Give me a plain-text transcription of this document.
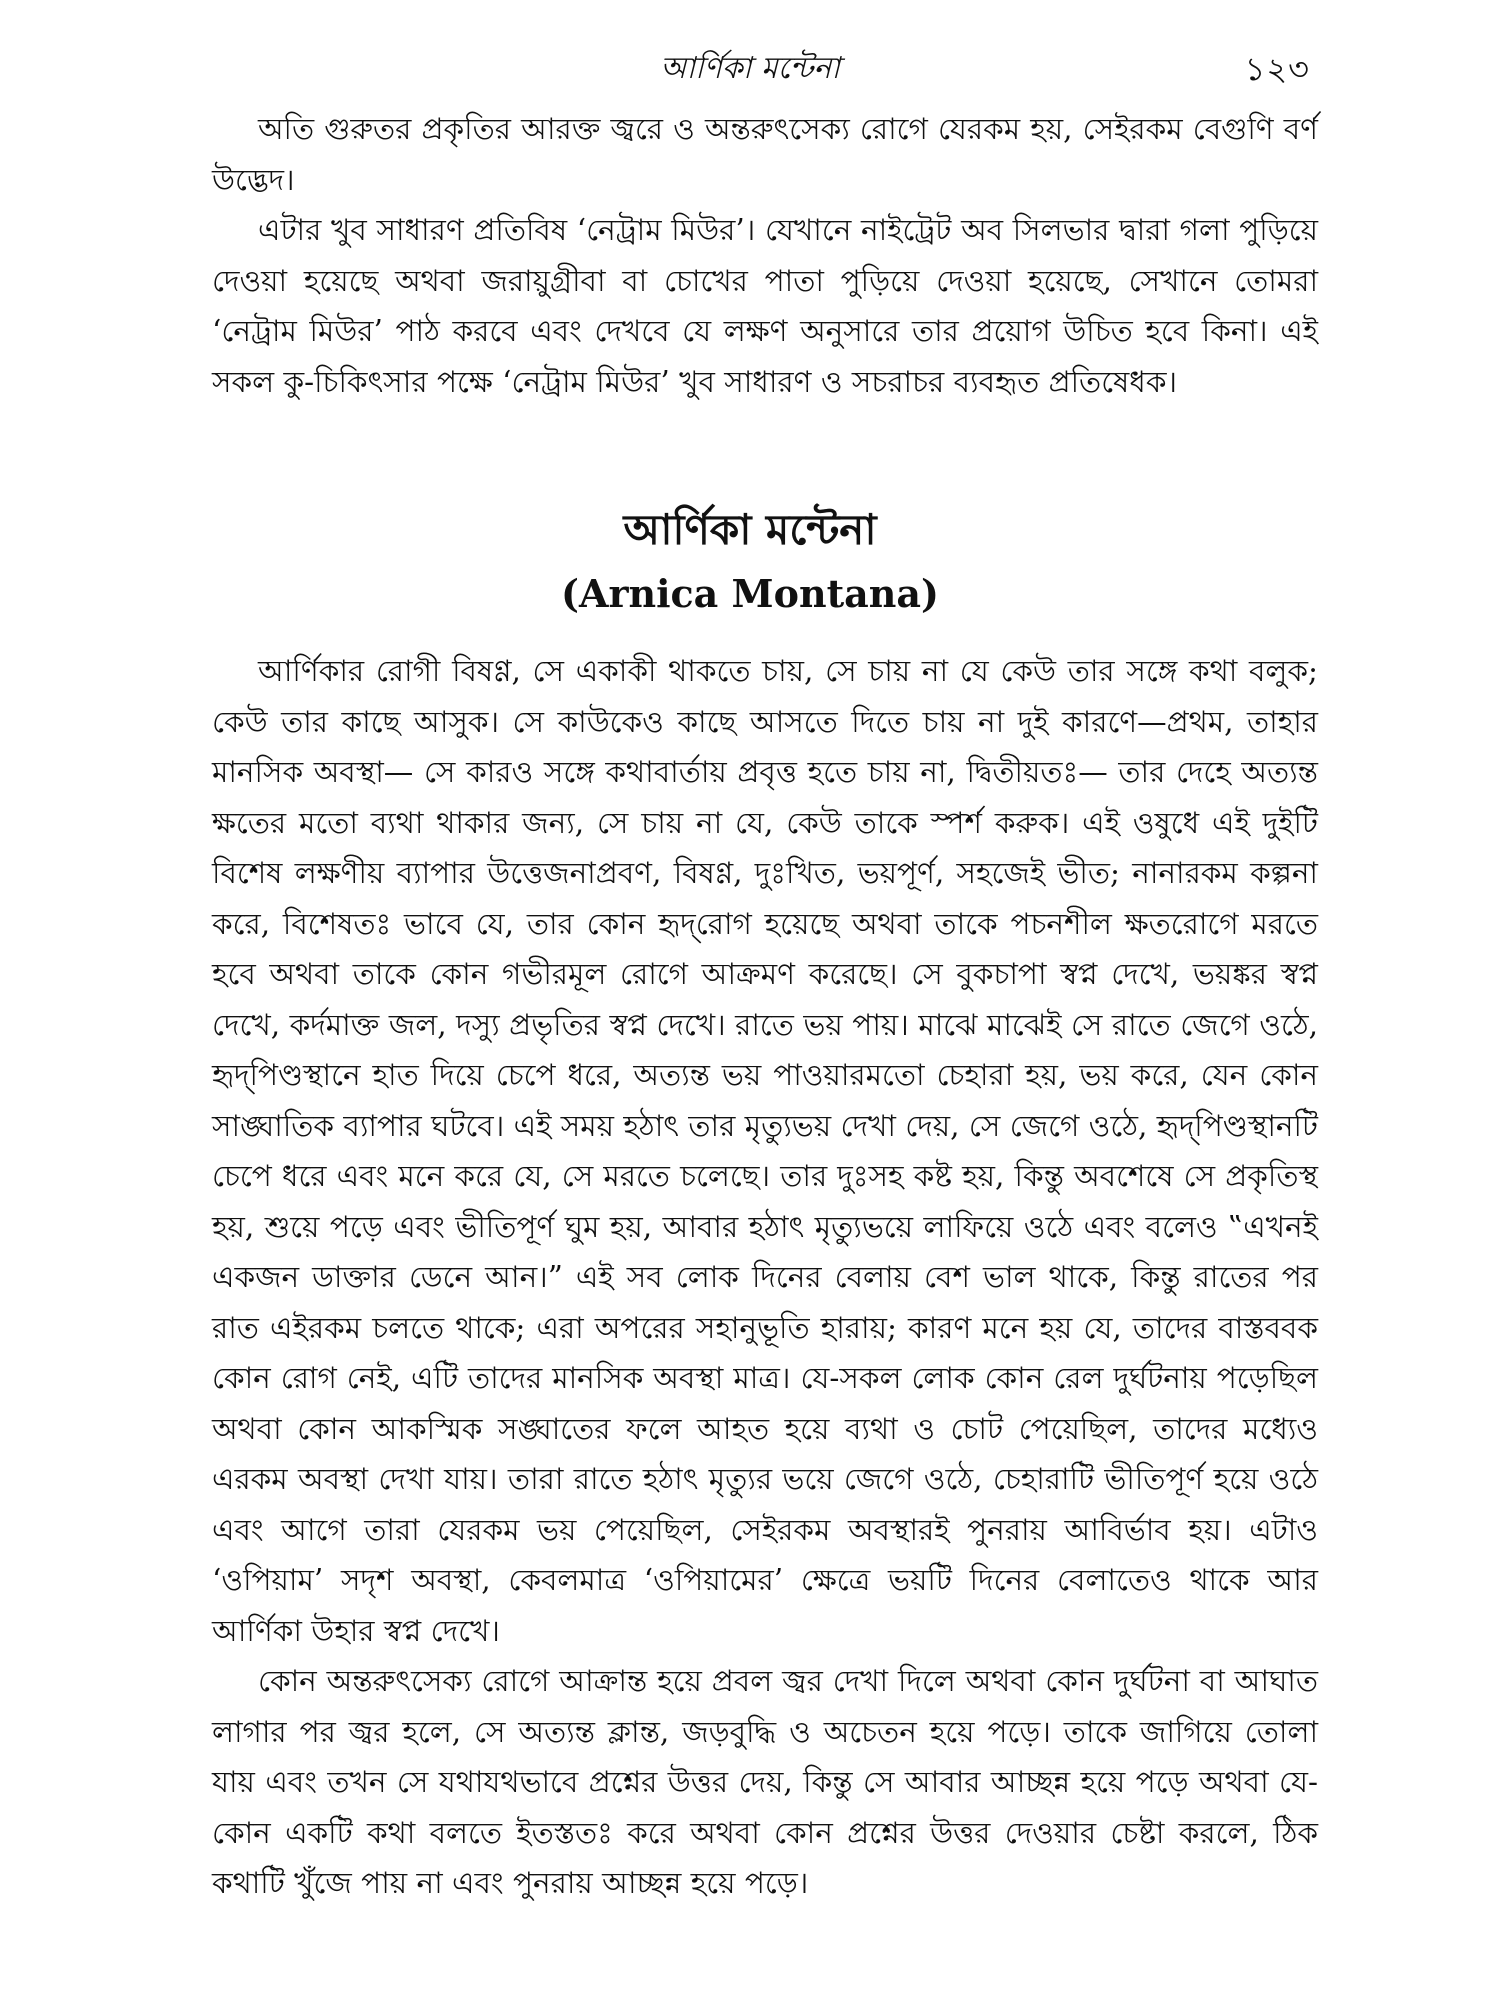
আর্ণিকা মন্টেনা	১২৩

অতি গুরুতর প্রকৃতির আরক্ত জ্বরে ও অন্তরুৎসেক্য রোগে যেরকম হয়, সেইরকম বেগুণি বর্ণ উদ্ভেদ।

এটার খুব সাধারণ প্রতিবিষ ‘নেট্রাম মিউর’। যেখানে নাইট্রেট অব সিলভার দ্বারা গলা পুড়িয়ে দেওয়া হয়েছে অথবা জরায়ুগ্রীবা বা চোখের পাতা পুড়িয়ে দেওয়া হয়েছে, সেখানে তোমরা ‘নেট্রাম মিউর’ পাঠ করবে এবং দেখবে যে লক্ষণ অনুসারে তার প্রয়োগ উচিত হবে কিনা। এই সকল কু-চিকিৎসার পক্ষে ‘নেট্রাম মিউর’ খুব সাধারণ ও সচরাচর ব্যবহৃত প্রতিষেধক।

আর্ণিকা মন্টেনা
(Arnica Montana)

আর্ণিকার রোগী বিষণ্ণ, সে একাকী থাকতে চায়, সে চায় না যে কেউ তার সঙ্গে কথা বলুক; কেউ তার কাছে আসুক। সে কাউকেও কাছে আসতে দিতে চায় না দুই কারণে—প্রথম, তাহার মানসিক অবস্থা— সে কারও সঙ্গে কথাবার্তায় প্রবৃত্ত হতে চায় না, দ্বিতীয়তঃ— তার দেহে অত্যন্ত ক্ষতের মতো ব্যথা থাকার জন্য, সে চায় না যে, কেউ তাকে স্পর্শ করুক। এই ওষুধে এই দুইটি বিশেষ লক্ষণীয় ব্যাপার উত্তেজনাপ্রবণ, বিষণ্ণ, দুঃখিত, ভয়পূর্ণ, সহজেই ভীত; নানারকম কল্পনা করে, বিশেষতঃ ভাবে যে, তার কোন হৃদ্‌রোগ হয়েছে অথবা তাকে পচনশীল ক্ষতরোগে মরতে হবে অথবা তাকে কোন গভীরমূল রোগে আক্রমণ করেছে। সে বুকচাপা স্বপ্ন দেখে, ভয়ঙ্কর স্বপ্ন দেখে, কর্দমাক্ত জল, দস্যু প্রভৃতির স্বপ্ন দেখে। রাতে ভয় পায়। মাঝে মাঝেই সে রাতে জেগে ওঠে, হৃদ্‌পিণ্ডস্থানে হাত দিয়ে চেপে ধরে, অত্যন্ত ভয় পাওয়ারমতো চেহারা হয়, ভয় করে, যেন কোন সাঙ্ঘাতিক ব্যাপার ঘটবে। এই সময় হঠাৎ তার মৃত্যুভয় দেখা দেয়, সে জেগে ওঠে, হৃদ্‌পিণ্ডস্থানটি চেপে ধরে এবং মনে করে যে, সে মরতে চলেছে। তার দুঃসহ কষ্ট হয়, কিন্তু অবশেষে সে প্রকৃতিস্থ হয়, শুয়ে পড়ে এবং ভীতিপূর্ণ ঘুম হয়, আবার হঠাৎ মৃত্যুভয়ে লাফিয়ে ওঠে এবং বলেও ‟এখনই একজন ডাক্তার ডেনে আন।” এই সব লোক দিনের বেলায় বেশ ভাল থাকে, কিন্তু রাতের পর রাত এইরকম চলতে থাকে; এরা অপরের সহানুভূতি হারায়; কারণ মনে হয় যে, তাদের বাস্তববক কোন রোগ নেই, এটি তাদের মানসিক অবস্থা মাত্র। যে-সকল লোক কোন রেল দুর্ঘটনায় পড়েছিল অথবা কোন আকস্মিক সঙ্ঘাতের ফলে আহত হয়ে ব্যথা ও চোট পেয়েছিল, তাদের মধ্যেও এরকম অবস্থা দেখা যায়। তারা রাতে হঠাৎ মৃত্যুর ভয়ে জেগে ওঠে, চেহারাটি ভীতিপূর্ণ হয়ে ওঠে এবং আগে তারা যেরকম ভয় পেয়েছিল, সেইরকম অবস্থারই পুনরায় আবির্ভাব হয়। এটাও ‘ওপিয়াম’ সদৃশ অবস্থা, কেবলমাত্র ‘ওপিয়ামের’ ক্ষেত্রে ভয়টি দিনের বেলাতেও থাকে আর আর্ণিকা উহার স্বপ্ন দেখে।

কোন অন্তরুৎসেক্য রোগে আক্রান্ত হয়ে প্রবল জ্বর দেখা দিলে অথবা কোন দুর্ঘটনা বা আঘাত লাগার পর জ্বর হলে, সে অত্যন্ত ক্লান্ত, জড়বুদ্ধি ও অচেতন হয়ে পড়ে। তাকে জাগিয়ে তোলা যায় এবং তখন সে যথাযথভাবে প্রশ্নের উত্তর দেয়, কিন্তু সে আবার আচ্ছন্ন হয়ে পড়ে অথবা যে-কোন একটি কথা বলতে ইতস্ততঃ করে অথবা কোন প্রশ্নের উত্তর দেওয়ার চেষ্টা করলে, ঠিক কথাটি খুঁজে পায় না এবং পুনরায় আচ্ছন্ন হয়ে পড়ে।
